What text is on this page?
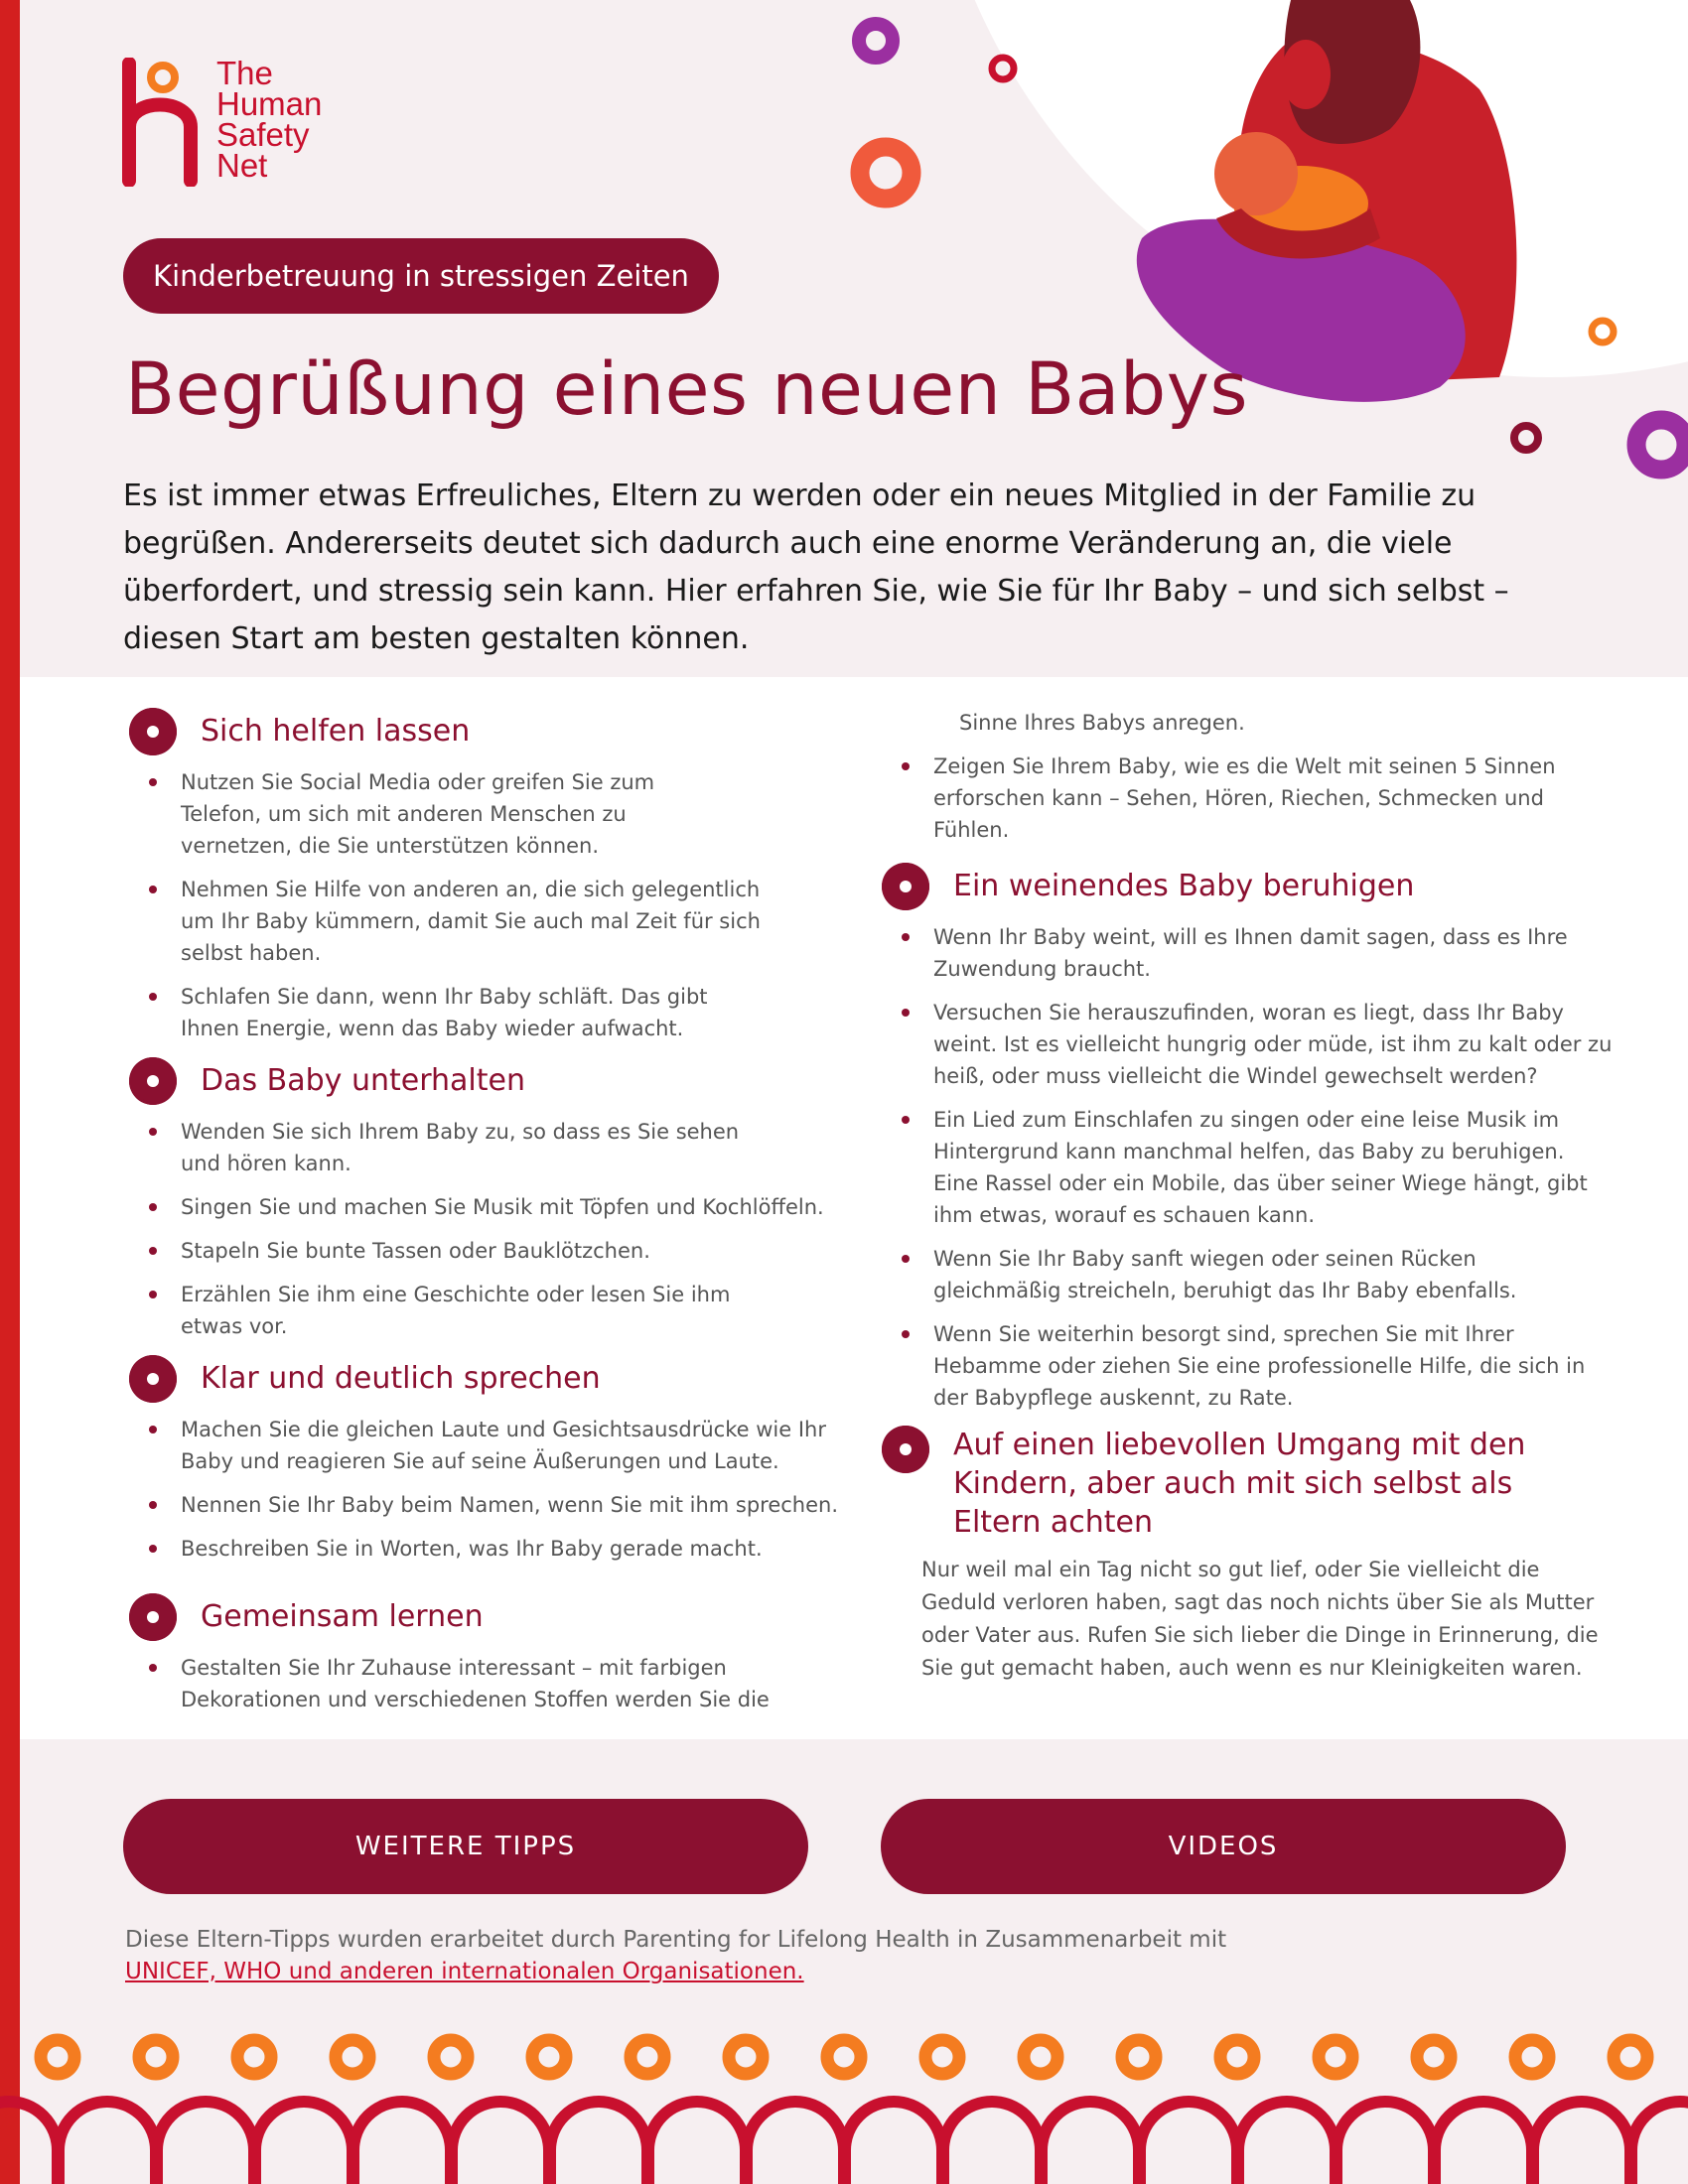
The
Human
Safety
Net
Kinderbetreuung in stressigen Zeiten
Begrüßung eines neuen Babys

Es ist immer etwas Erfreuliches, Eltern zu werden oder ein neues Mitglied in der Familie zu begrüßen. Andererseits deutet sich dadurch auch eine enorme Veränderung an, die viele überfordert, und stressig sein kann. Hier erfahren Sie, wie Sie für Ihr Baby – und sich selbst – diesen Start am besten gestalten können.

Sich helfen lassen
Nutzen Sie Social Media oder greifen Sie zum Telefon, um sich mit anderen Menschen zu vernetzen, die Sie unterstützen können.
Nehmen Sie Hilfe von anderen an, die sich gelegentlich um Ihr Baby kümmern, damit Sie auch mal Zeit für sich selbst haben.
Schlafen Sie dann, wenn Ihr Baby schläft. Das gibt Ihnen Energie, wenn das Baby wieder aufwacht.
Das Baby unterhalten
Wenden Sie sich Ihrem Baby zu, so dass es Sie sehen und hören kann.
Singen Sie und machen Sie Musik mit Töpfen und Kochlöffeln.
Stapeln Sie bunte Tassen oder Bauklötzchen.
Erzählen Sie ihm eine Geschichte oder lesen Sie ihm etwas vor.
Klar und deutlich sprechen
Machen Sie die gleichen Laute und Gesichtsausdrücke wie Ihr Baby und reagieren Sie auf seine Äußerungen und Laute.
Nennen Sie Ihr Baby beim Namen, wenn Sie mit ihm sprechen.
Beschreiben Sie in Worten, was Ihr Baby gerade macht.
Gemeinsam lernen
Gestalten Sie Ihr Zuhause interessant – mit farbigen Dekorationen und verschiedenen Stoffen werden Sie die
Sinne Ihres Babys anregen.
Zeigen Sie Ihrem Baby, wie es die Welt mit seinen 5 Sinnen erforschen kann – Sehen, Hören, Riechen, Schmecken und Fühlen.
Ein weinendes Baby beruhigen
Wenn Ihr Baby weint, will es Ihnen damit sagen, dass es Ihre Zuwendung braucht.
Versuchen Sie herauszufinden, woran es liegt, dass Ihr Baby weint. Ist es vielleicht hungrig oder müde, ist ihm zu kalt oder zu heiß, oder muss vielleicht die Windel gewechselt werden?
Ein Lied zum Einschlafen zu singen oder eine leise Musik im Hintergrund kann manchmal helfen, das Baby zu beruhigen. Eine Rassel oder ein Mobile, das über seiner Wiege hängt, gibt ihm etwas, worauf es schauen kann.
Wenn Sie Ihr Baby sanft wiegen oder seinen Rücken gleichmäßig streicheln, beruhigt das Ihr Baby ebenfalls.
Wenn Sie weiterhin besorgt sind, sprechen Sie mit Ihrer Hebamme oder ziehen Sie eine professionelle Hilfe, die sich in der Babypflege auskennt, zu Rate.
Auf einen liebevollen Umgang mit den Kindern, aber auch mit sich selbst als Eltern achten

Nur weil mal ein Tag nicht so gut lief, oder Sie vielleicht die Geduld verloren haben, sagt das noch nichts über Sie als Mutter oder Vater aus. Rufen Sie sich lieber die Dinge in Erinnerung, die Sie gut gemacht haben, auch wenn es nur Kleinigkeiten waren.

WEITERE TIPPS	VIDEOS

Diese Eltern-Tipps wurden erarbeitet durch Parenting for Lifelong Health in Zusammenarbeit mit UNICEF, WHO und anderen internationalen Organisationen.
